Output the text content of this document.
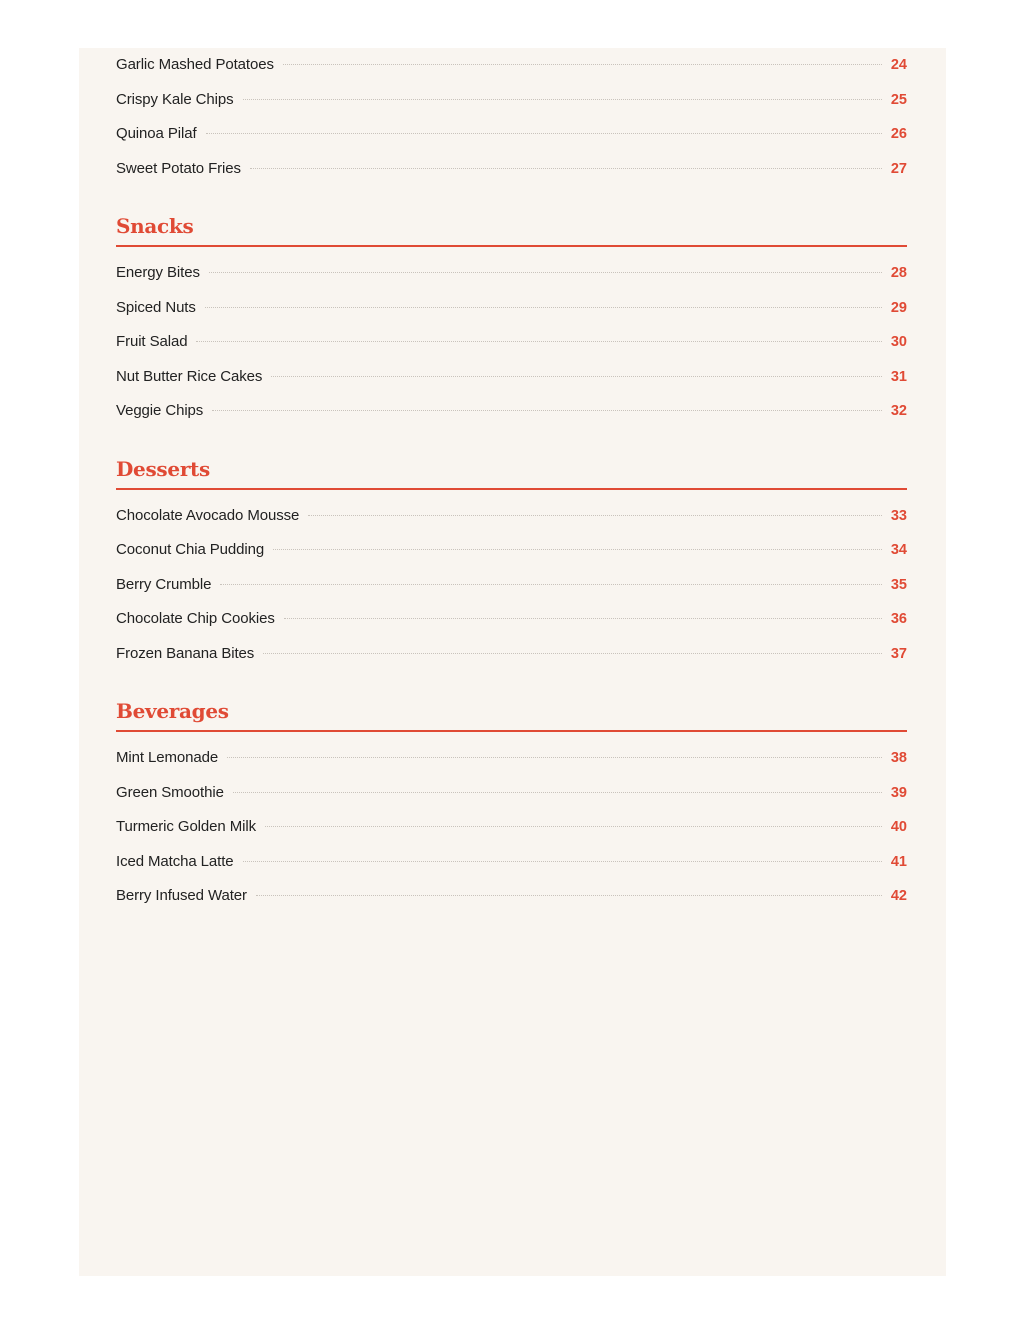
Garlic Mashed Potatoes	24
Crispy Kale Chips	25
Quinoa Pilaf	26
Sweet Potato Fries	27
Snacks
Energy Bites	28
Spiced Nuts	29
Fruit Salad	30
Nut Butter Rice Cakes	31
Veggie Chips	32
Desserts
Chocolate Avocado Mousse	33
Coconut Chia Pudding	34
Berry Crumble	35
Chocolate Chip Cookies	36
Frozen Banana Bites	37
Beverages
Mint Lemonade	38
Green Smoothie	39
Turmeric Golden Milk	40
Iced Matcha Latte	41
Berry Infused Water	42
